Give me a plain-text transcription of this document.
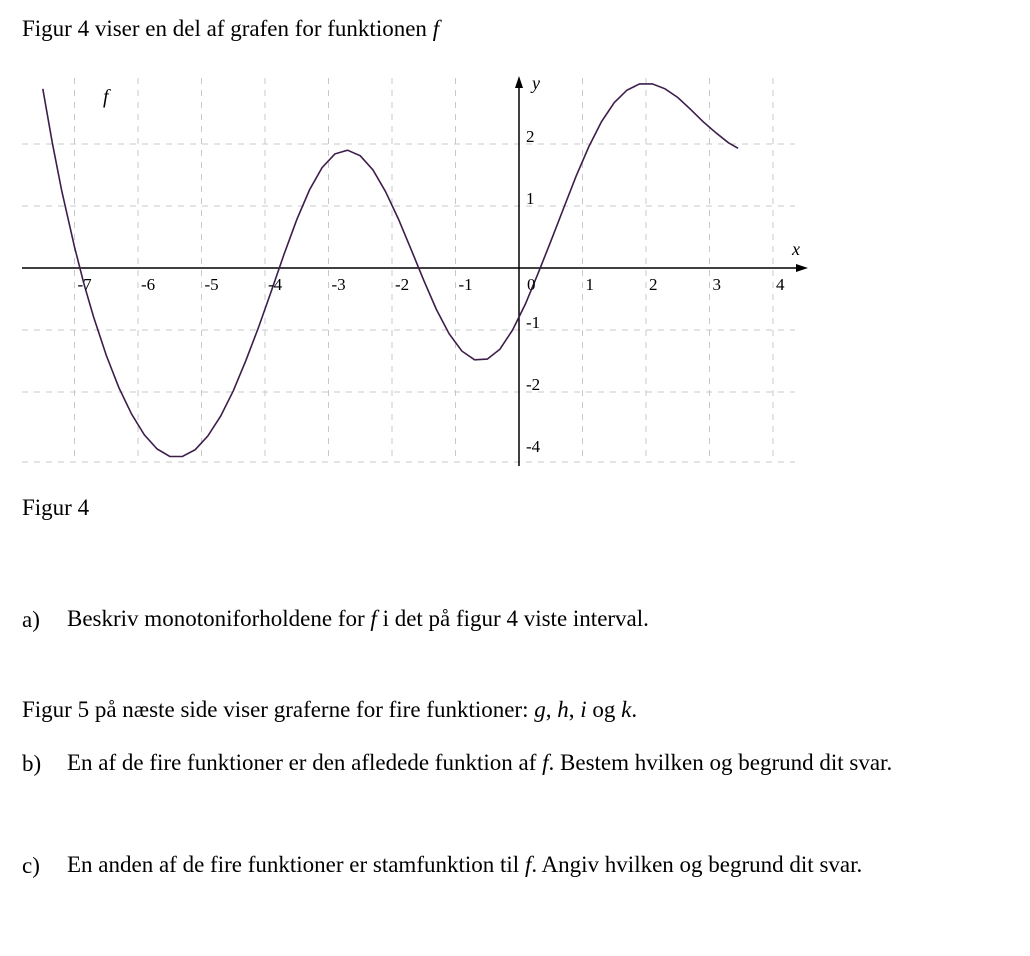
Figur 4 viser en del af grafen for funktionen f
-7	-6	-5	-4	-3	-2	-1	0	1	2	3	4
2
1
-1
-2
-4
x
y
f
Figur 4
a) Beskriv monotoniforholdene for f i det på figur 4 viste interval.
Figur 5 på næste side viser graferne for fire funktioner: g, h, i og k.
b) En af de fire funktioner er den afledede funktion af f. Bestem hvilken og begrund dit svar.
c) En anden af de fire funktioner er stamfunktion til f. Angiv hvilken og begrund dit svar.
